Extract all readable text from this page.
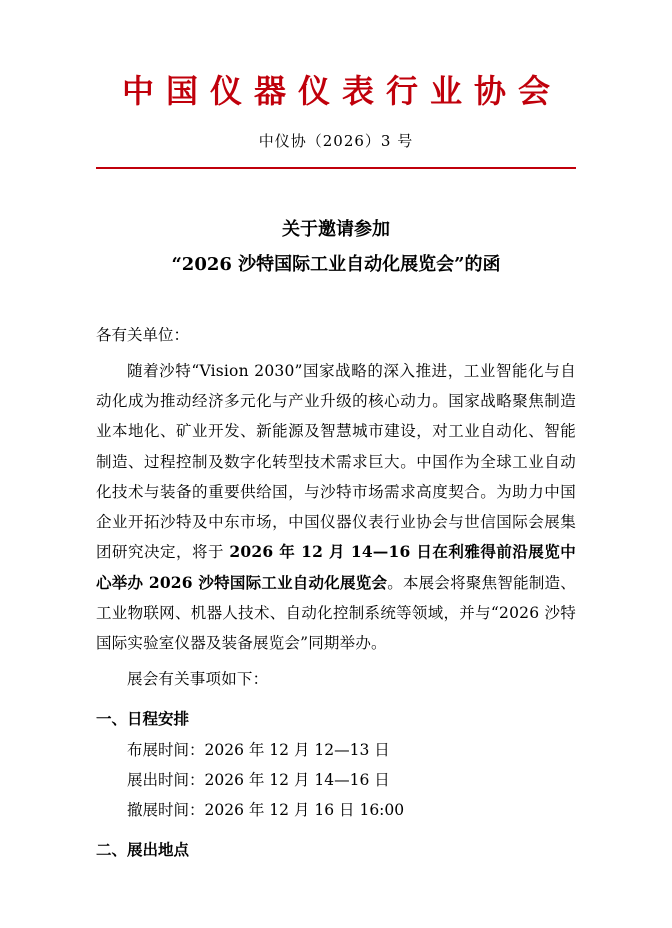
中国仪器仪表行业协会
中仪协（2026）3 号
关于邀请参加
“2026 沙特国际工业自动化展览会”的函
各有关单位：
随着沙特“Vision 2030”国家战略的深入推进，工业智能化与自动化成为推动经济多元化与产业升级的核心动力。国家战略聚焦制造业本地化、矿业开发、新能源及智慧城市建设，对工业自动化、智能制造、过程控制及数字化转型技术需求巨大。中国作为全球工业自动化技术与装备的重要供给国，与沙特市场需求高度契合。为助力中国企业开拓沙特及中东市场，中国仪器仪表行业协会与世信国际会展集团研究决定，将于 2026 年 12 月 14—16 日在利雅得前沿展览中心举办 2026 沙特国际工业自动化展览会。本展会将聚焦智能制造、工业物联网、机器人技术、自动化控制系统等领域，并与“2026 沙特国际实验室仪器及装备展览会”同期举办。
展会有关事项如下：
一、日程安排
布展时间：2026 年 12 月 12—13 日
展出时间：2026 年 12 月 14—16 日
撤展时间：2026 年 12 月 16 日 16:00
二、展出地点
